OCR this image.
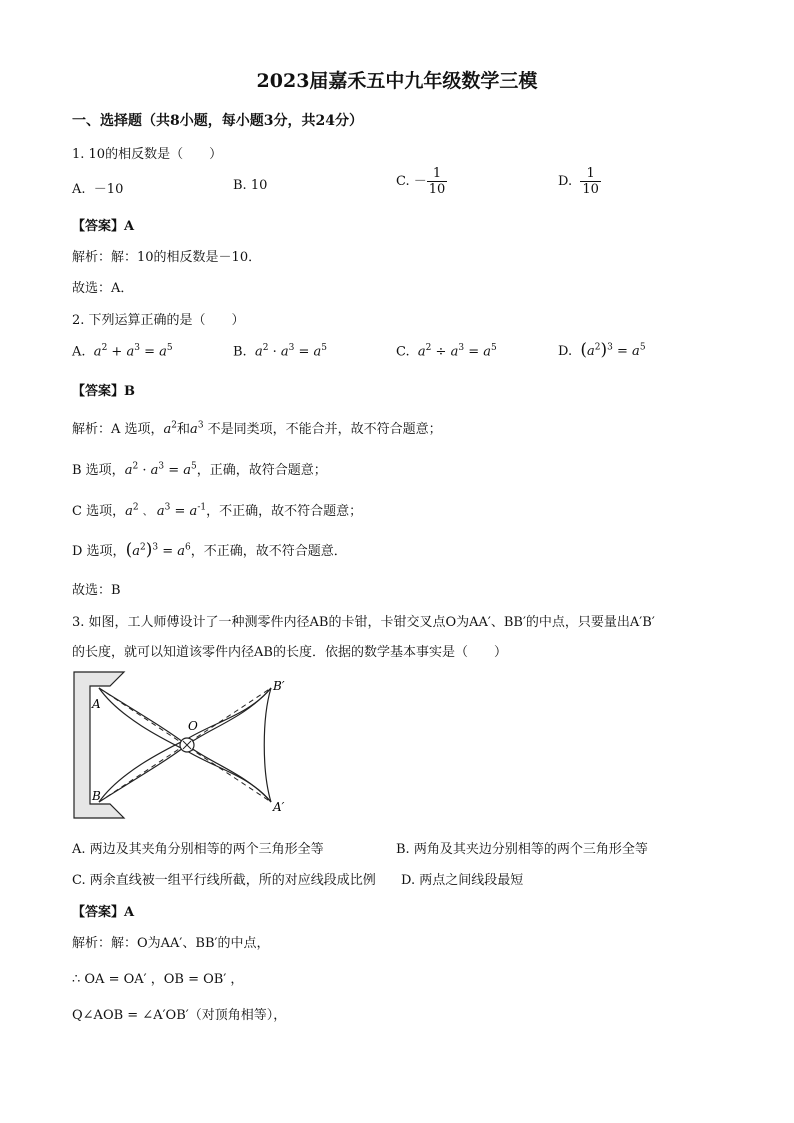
2023届嘉禾五中九年级数学三模
一、选择题（共8小题，每小题3分，共24分）
1. 10的相反数是（　　）
A. －10	B. 10	C. － $\frac{1}{10}$	D. $\frac{1}{10}$
【答案】A
解析：解：10的相反数是－10．
故选：A．
2. 下列运算正确的是（　　）
A.  $a^2 + a^3 = a^5$	B.  $a^2 \cdot a^3 = a^5$	C.  $a^2 \div a^3 = a^5$	D.  $(a^2)^3 = a^5$
【答案】B
解析：A 选项，$a^2$和$a^3$ 不是同类项，不能合并，故不符合题意；
B 选项，$a^2 \cdot a^3 = a^5$，正确，故符合题意；
C 选项，$a^2$ 、 $a^3 = a^{-1}$，不正确，故不符合题意；
D 选项，$(a^2)^3 = a^6$，不正确，故不符合题意．
故选：B
3. 如图，工人师傅设计了一种测零件内径AB的卡钳，卡钳交叉点O为AA′、BB′的中点，只要量出A′B′
的长度，就可以知道该零件内径AB的长度．依据的数学基本事实是（　　）
A
B
O
B′
A′
A. 两边及其夹角分别相等的两个三角形全等	B. 两角及其夹边分别相等的两个三角形全等
C. 两余直线被一组平行线所截，所的对应线段成比例 D. 两点之间线段最短
【答案】A
解析：解：O为AA′、BB′的中点，
∴ OA = OA′ ，OB = OB′ ，
Q∠AOB = ∠A′OB′（对顶角相等），
